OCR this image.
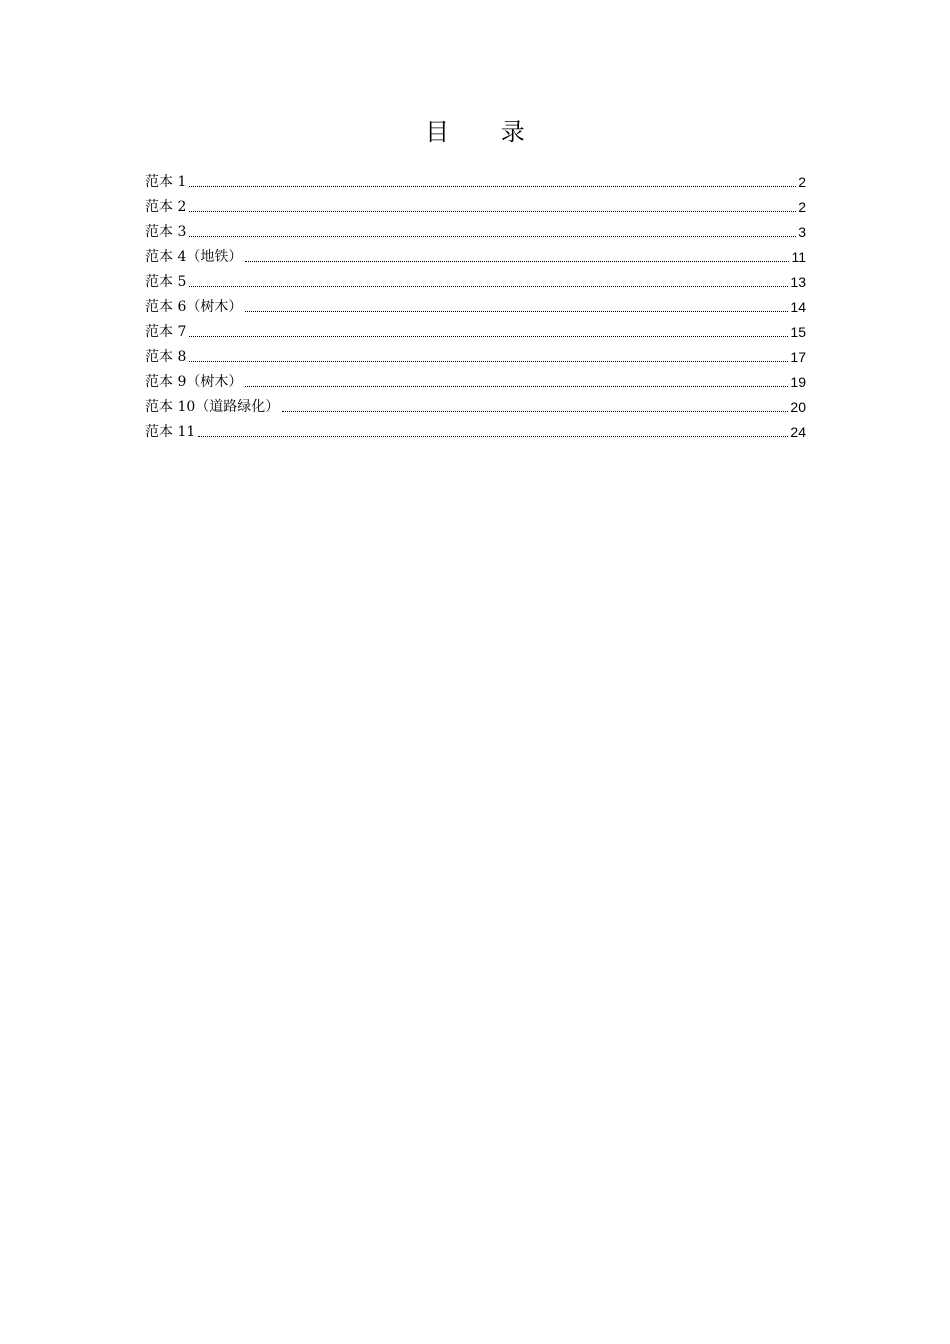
目 录
范本 1	2
范本 2	2
范本 3	3
范本 4（地铁）	11
范本 5	13
范本 6（树木）	14
范本 7	15
范本 8	17
范本 9（树木）	19
范本 10（道路绿化）	20
范本 11	24
